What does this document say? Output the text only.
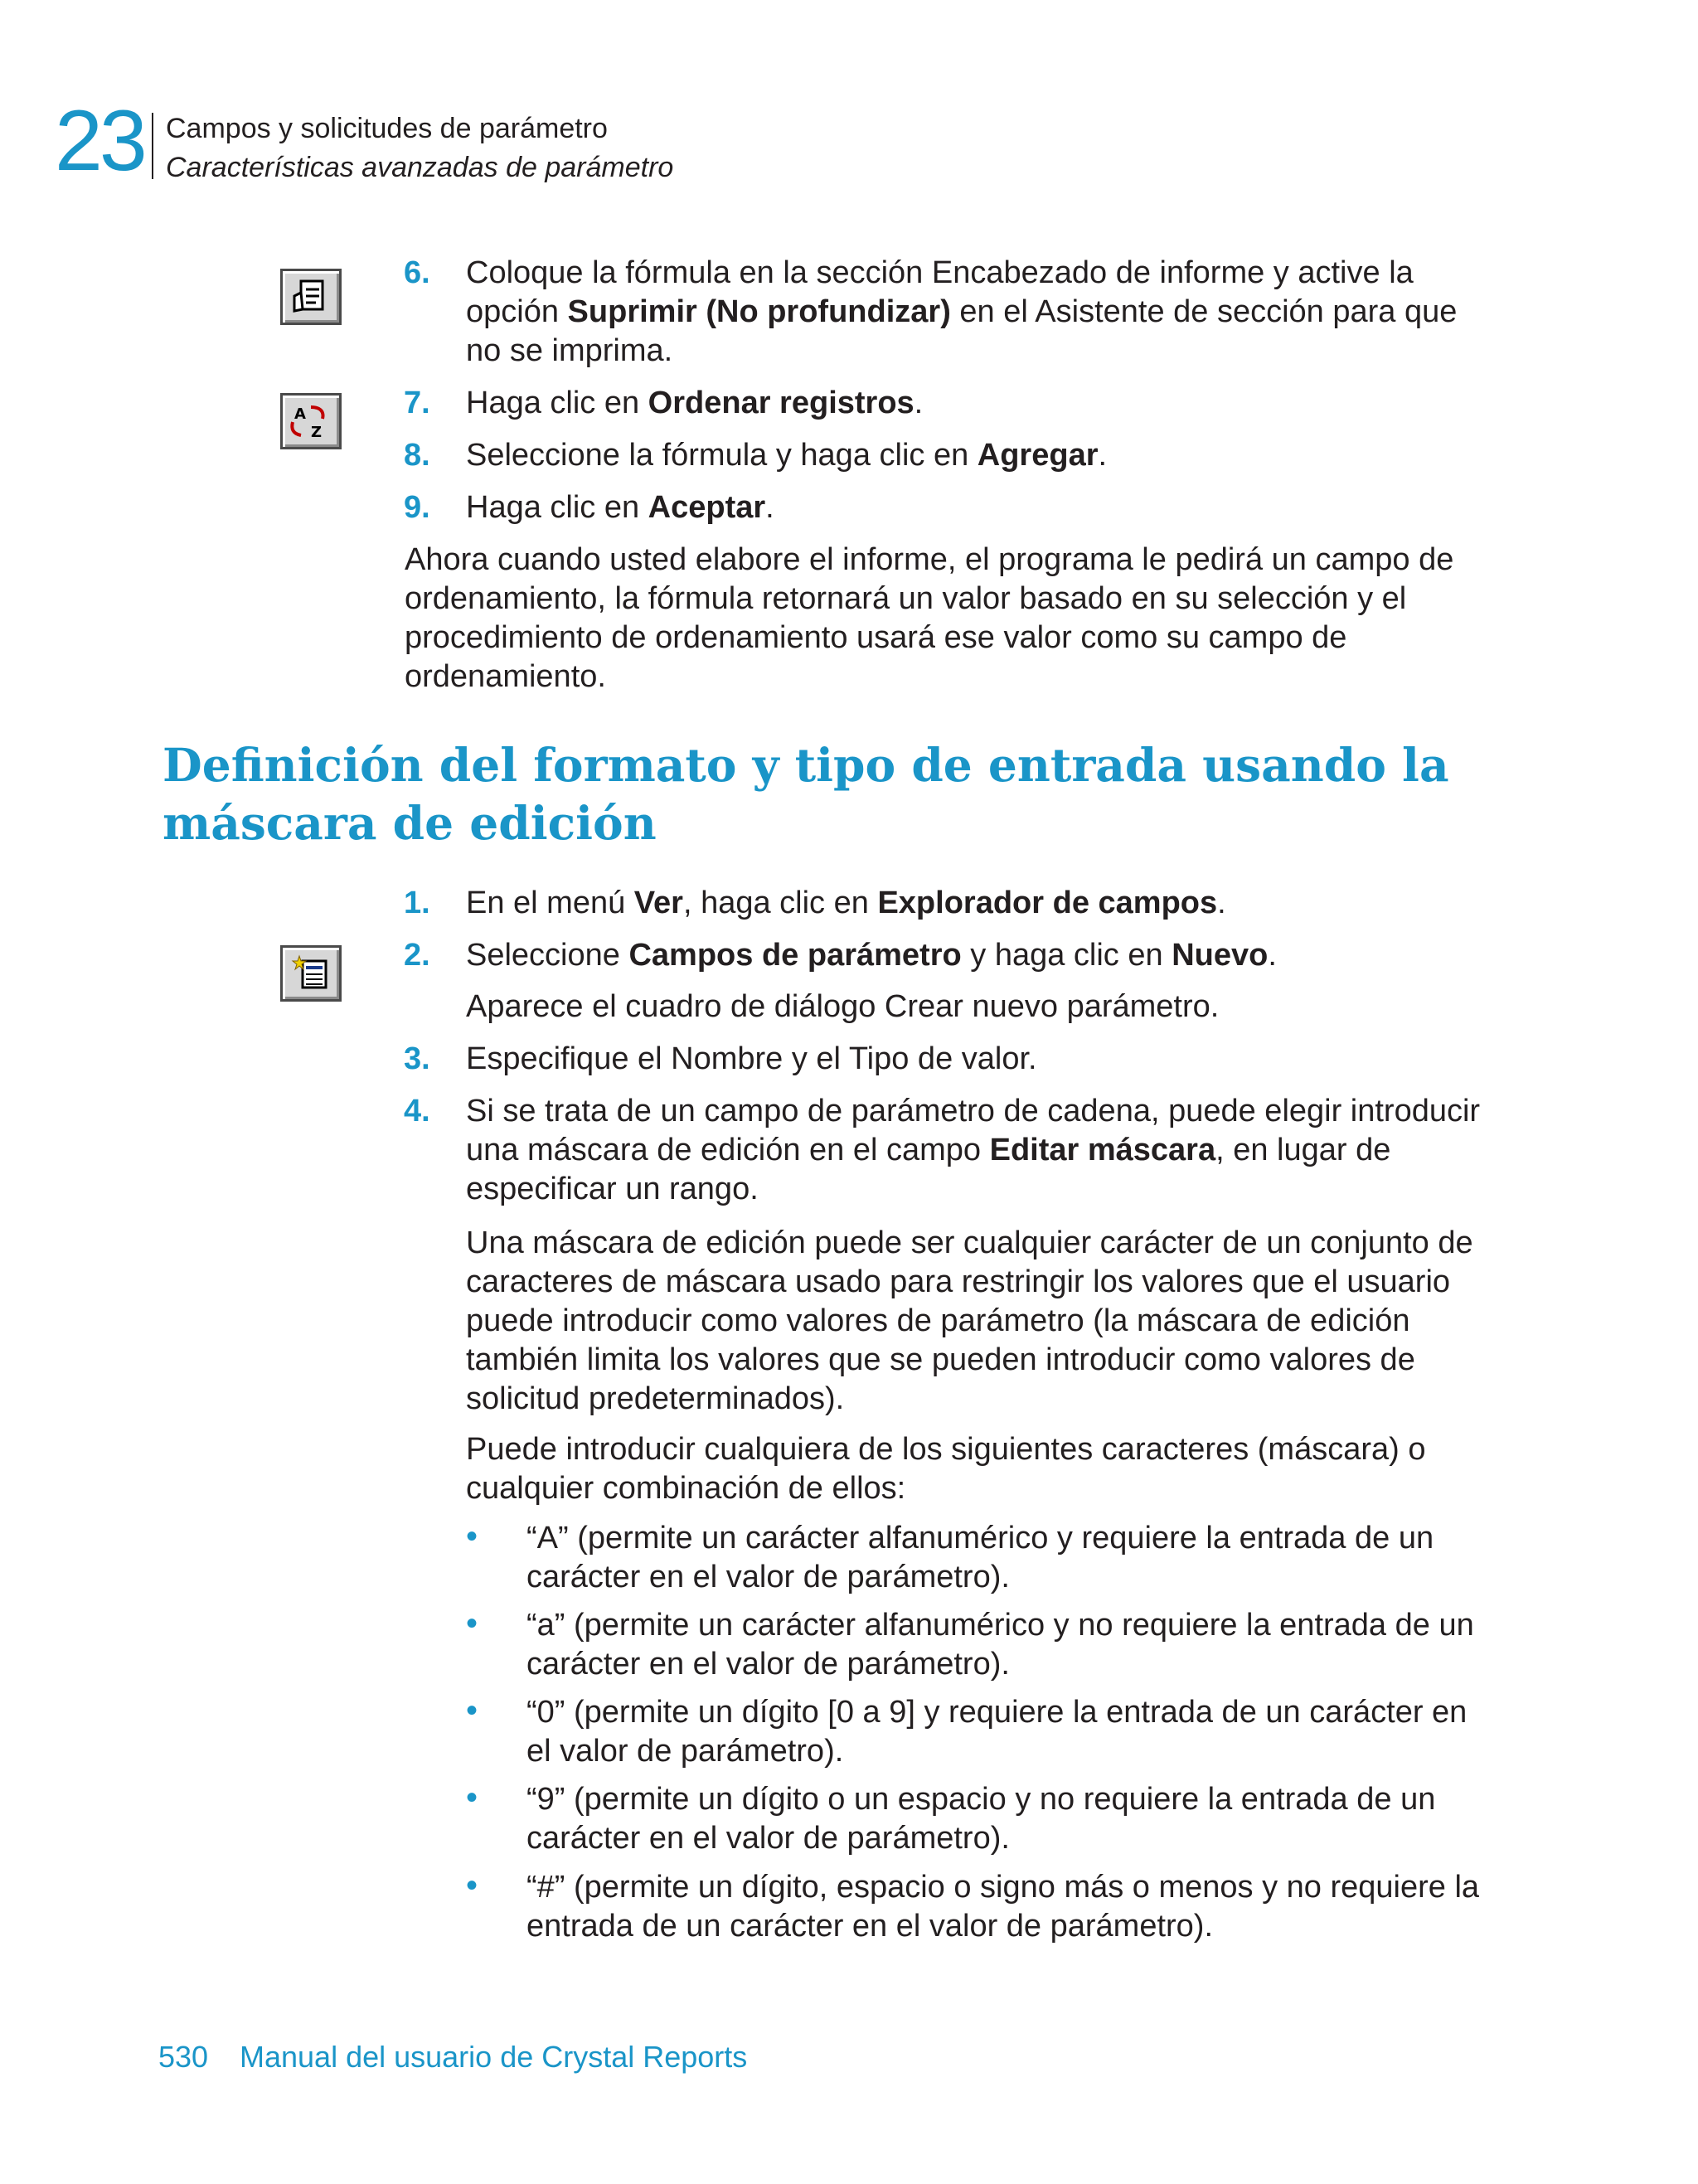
23 Campos y solicitudes de parámetro
Características avanzadas de parámetro
A
Z
6.	Coloque la fórmula en la sección Encabezado de informe y active la
opción Suprimir (No profundizar) en el Asistente de sección para que
no se imprima.
7.	Haga clic en Ordenar registros.
8.	Seleccione la fórmula y haga clic en Agregar.
9.	Haga clic en Aceptar.
Ahora cuando usted elabore el informe, el programa le pedirá un campo de
ordenamiento, la fórmula retornará un valor basado en su selección y el
procedimiento de ordenamiento usará ese valor como su campo de
ordenamiento.
Definición del formato y tipo de entrada usando la
máscara de edición
1.	En el menú Ver, haga clic en Explorador de campos.
2.	Seleccione Campos de parámetro y haga clic en Nuevo.
Aparece el cuadro de diálogo Crear nuevo parámetro.
3.	Especifique el Nombre y el Tipo de valor.
4.	Si se trata de un campo de parámetro de cadena, puede elegir introducir
una máscara de edición en el campo Editar máscara, en lugar de
especificar un rango.
Una máscara de edición puede ser cualquier carácter de un conjunto de
caracteres de máscara usado para restringir los valores que el usuario
puede introducir como valores de parámetro (la máscara de edición
también limita los valores que se pueden introducir como valores de
solicitud predeterminados).
Puede introducir cualquiera de los siguientes caracteres (máscara) o
cualquier combinación de ellos:
• “A” (permite un carácter alfanumérico y requiere la entrada de un
carácter en el valor de parámetro).
• “a” (permite un carácter alfanumérico y no requiere la entrada de un
carácter en el valor de parámetro).
• “0” (permite un dígito [0 a 9] y requiere la entrada de un carácter en
el valor de parámetro).
• “9” (permite un dígito o un espacio y no requiere la entrada de un
carácter en el valor de parámetro).
• “#” (permite un dígito, espacio o signo más o menos y no requiere la
entrada de un carácter en el valor de parámetro).
530 Manual del usuario de Crystal Reports
